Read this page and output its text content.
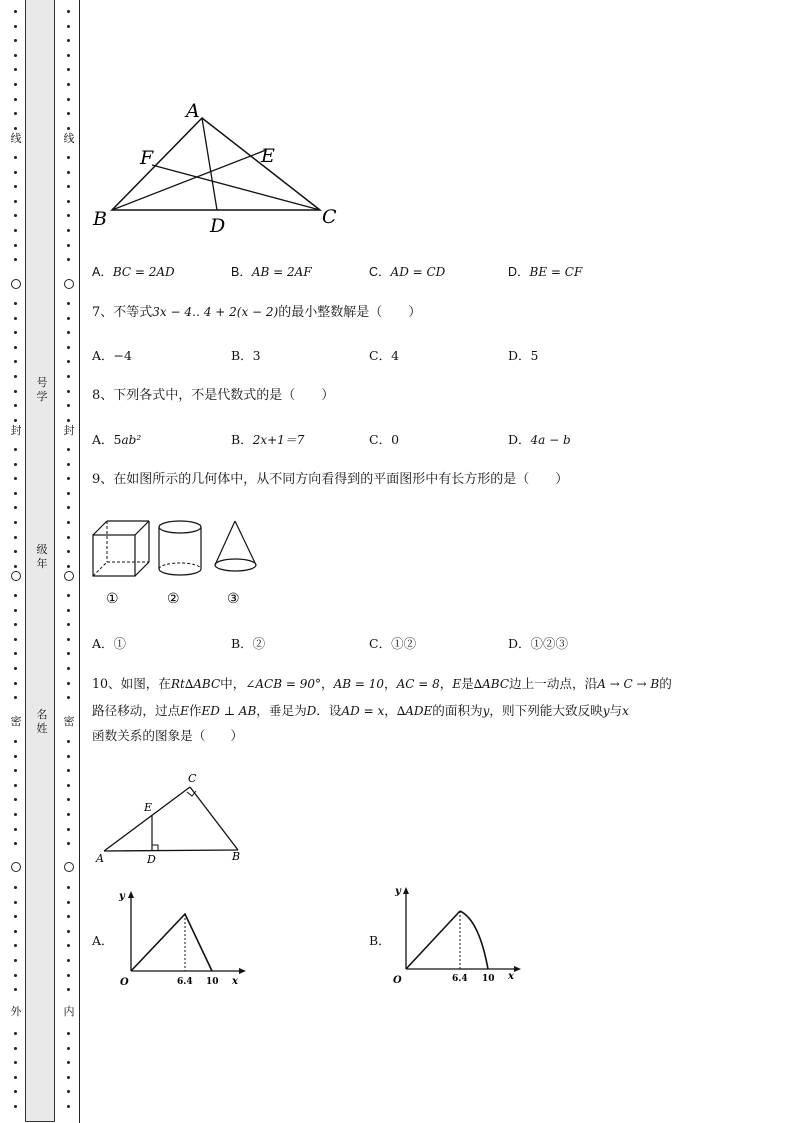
线
封
密
外
线
封
密
内
号
学
级
年
名
姓
A
B	C
D
E
F
A．BC = 2AD	B．AB = 2AF	C．AD = CD	D．BE = CF
7、不等式3x − 4‥ 4 + 2(x − 2)的最小整数解是（　　）
A．−4	B．3	C．4	D．5
8、下列各式中，不是代数式的是（　　）
A．5ab²	B．2x+1＝7	C．0	D．4a − b
9、在如图所示的几何体中，从不同方向看得到的平面图形中有长方形的是（　　）
①	②	③
A．①	B．②	C．①②	D．①②③
10、如图，在Rt∆ABC中，∠ACB = 90°，AB = 10，AC = 8，E是∆ABC边上一动点，沿A → C → B的
路径移动，过点E作ED ⊥ AB，垂足为D．设AD = x，∆ADE的面积为y，则下列能大致反映y与x
函数关系的图象是（　　）
A	B
C
D
E
A．
y
x
O	6.4 10
B．
y
x
O	6.4 10
